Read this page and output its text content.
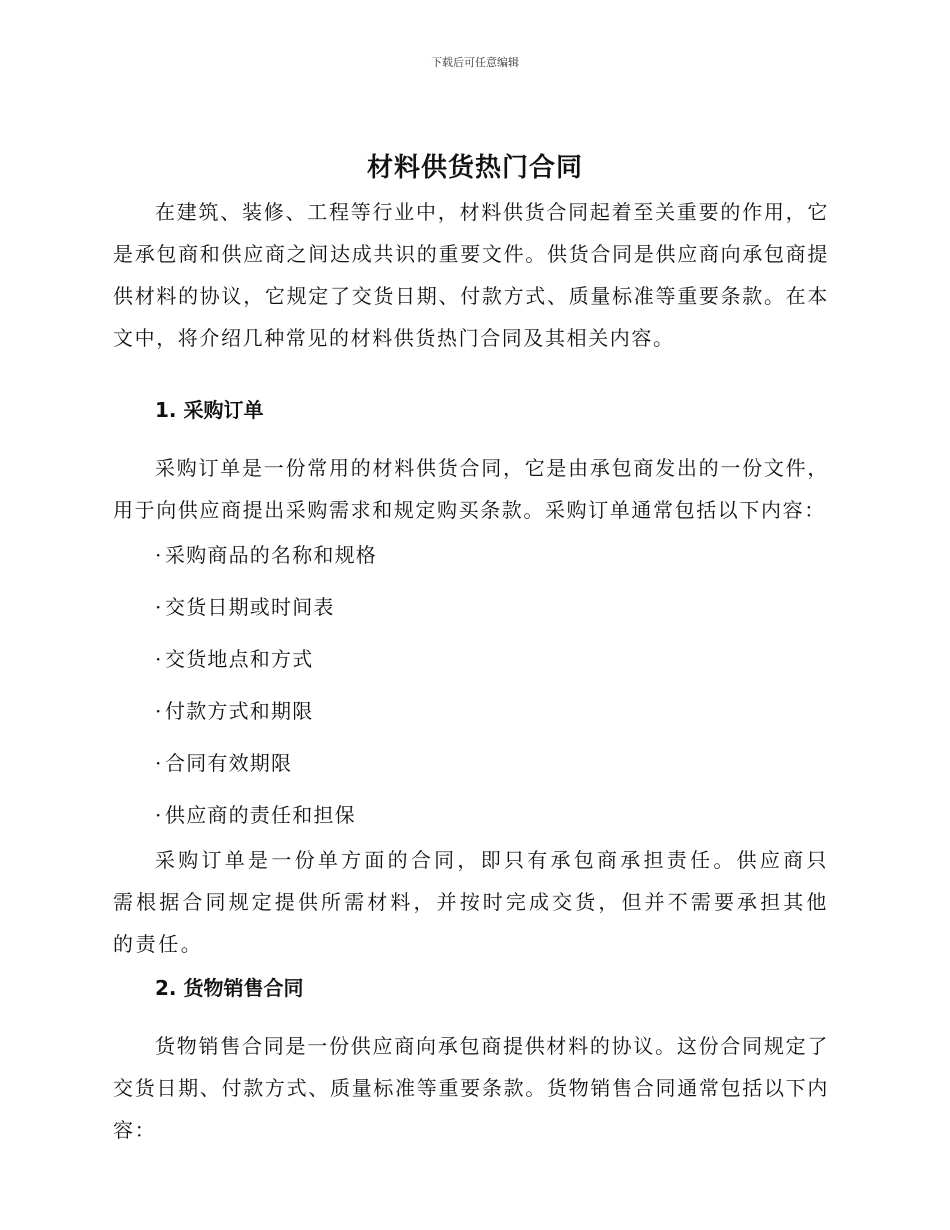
下载后可任意编辑
材料供货热门合同

在建筑、装修、工程等行业中，材料供货合同起着至关重要的作用，它是承包商和供应商之间达成共识的重要文件。供货合同是供应商向承包商提供材料的协议，它规定了交货日期、付款方式、质量标准等重要条款。在本文中，将介绍几种常见的材料供货热门合同及其相关内容。

1. 采购订单

采购订单是一份常用的材料供货合同，它是由承包商发出的一份文件，用于向供应商提出采购需求和规定购买条款。采购订单通常包括以下内容：

· 采购商品的名称和规格
· 交货日期或时间表
· 交货地点和方式
· 付款方式和期限
· 合同有效期限
· 供应商的责任和担保

采购订单是一份单方面的合同，即只有承包商承担责任。供应商只需根据合同规定提供所需材料，并按时完成交货，但并不需要承担其他的责任。

2. 货物销售合同

货物销售合同是一份供应商向承包商提供材料的协议。这份合同规定了交货日期、付款方式、质量标准等重要条款。货物销售合同通常包括以下内容：
